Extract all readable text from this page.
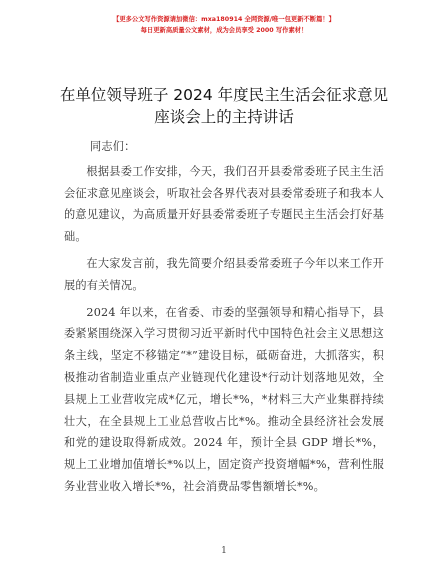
【更多公文写作资源请加微信：mxa180914 全网资源/唯一包更新不断篇！】
每日更新高质量公文素材，成为会员享受 2000 写作素材！
在单位领导班子 2024 年度民主生活会征求意见
座谈会上的主持讲话

同志们：

根据县委工作安排，今天，我们召开县委常委班子民主生活会征求意见座谈会，听取社会各界代表对县委常委班子和我本人的意见建议，为高质量开好县委常委班子专题民主生活会打好基础。

在大家发言前，我先简要介绍县委常委班子今年以来工作开展的有关情况。

2024 年以来，在省委、市委的坚强领导和精心指导下，县委紧紧围绕深入学习贯彻习近平新时代中国特色社会主义思想这条主线，坚定不移锚定“*”建设目标，砥砺奋进，大抓落实，积极推动省制造业重点产业链现代化建设*行动计划落地见效，全县规上工业营收完成*亿元，增长*%，*材料三大产业集群持续壮大，在全县规上工业总营收占比*%。推动全县经济社会发展和党的建设取得新成效。2024 年，预计全县 GDP 增长*%，规上工业增加值增长*%以上，固定资产投资增幅*%，营利性服务业营业收入增长*%，社会消费品零售额增长*%。

1
